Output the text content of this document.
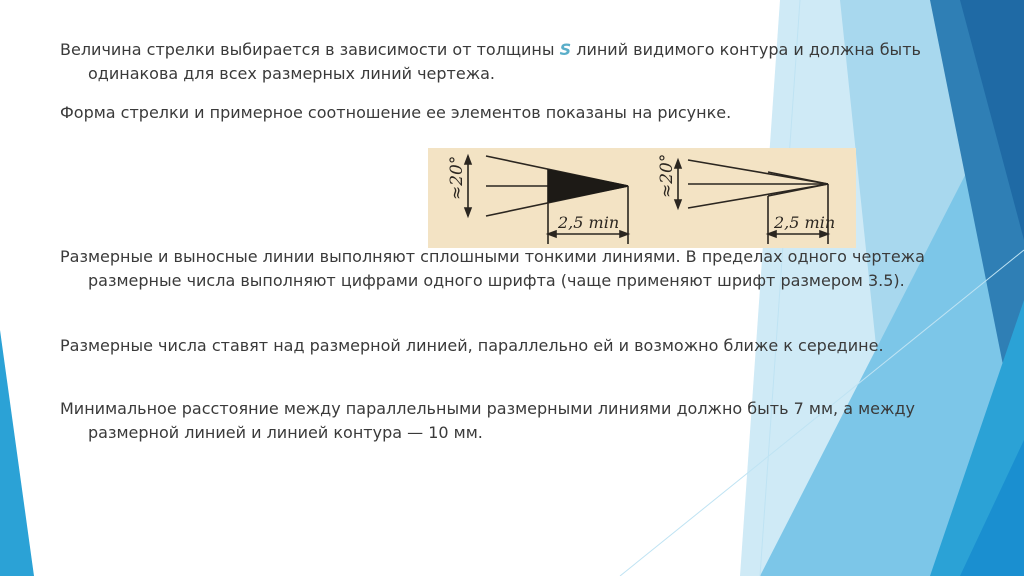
Величина стрелки выбирается в зависимости от толщины S линий видимого контура и должна быть одинакова для всех размерных линий чертежа.

Форма стрелки и примерное соотношение ее элементов показаны на рисунке.

≈20°
2,5 min
≈20°
2,5 min

Размерные и выносные линии выполняют сплошными тонкими линиями. В пределах одного чертежа размерные числа выполняют цифрами одного шрифта (чаще применяют шрифт размером 3.5).

Размерные числа ставят над размерной линией, параллельно ей и возможно ближе к середине.

Минимальное расстояние между параллельными размерными линиями должно быть 7 мм, а между размерной линией и линией контура — 10 мм.
